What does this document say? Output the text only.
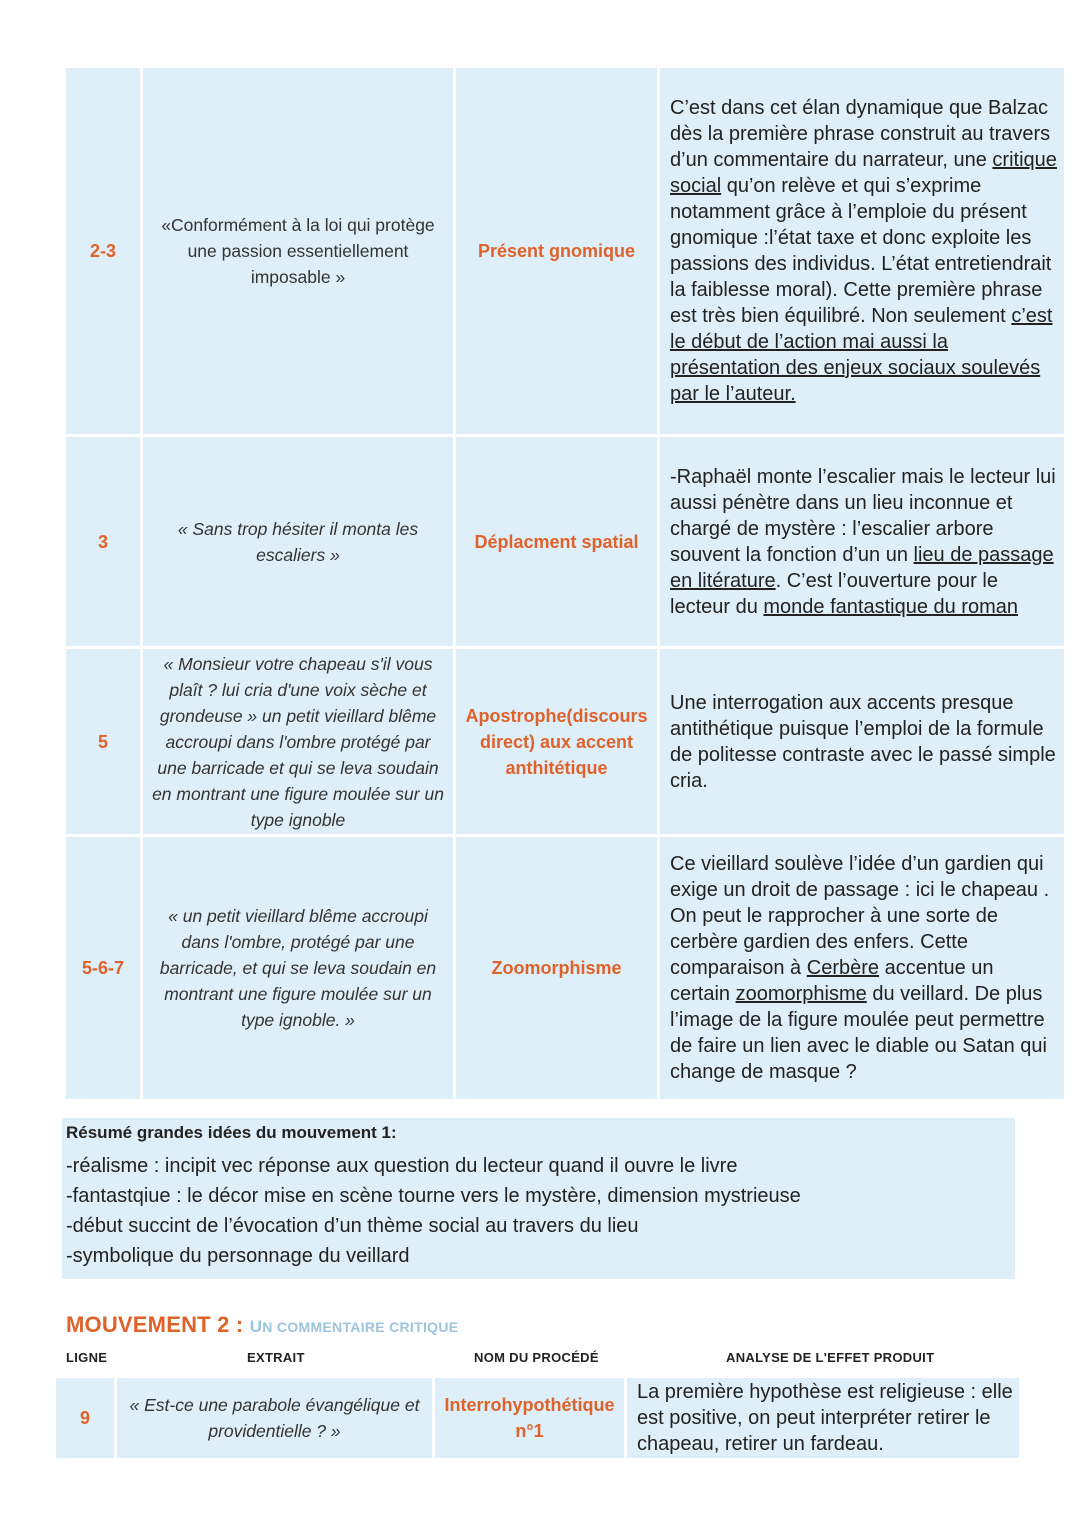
2-3	«Conformément à la loi qui protège une passion essentiellement imposable »	Présent gnomique	C’est dans cet élan dynamique que Balzac dès la première phrase construit au travers d’un commentaire du narrateur, une critique social qu’on relève et qui s’exprime notamment grâce à l’emploie du présent gnomique :l’état taxe et donc exploite les passions des individus. L’état entretiendrait la faiblesse moral). Cette première phrase est très bien équilibré. Non seulement c’est le début de l’action mai aussi la présentation des enjeux sociaux soulevés par le l’auteur.
3	« Sans trop hésiter il monta les escaliers »	Déplacment spatial	-Raphaël monte l’escalier mais le lecteur lui aussi pénètre dans un lieu inconnue et chargé de mystère : l’escalier arbore souvent la fonction d’un un lieu de passage en litérature. C’est l’ouverture pour le lecteur du monde fantastique du roman
5	« Monsieur votre chapeau s'il vous plaît ? lui cria d'une voix sèche et grondeuse » un petit vieillard blême accroupi dans l'ombre protégé par une barricade et qui se leva soudain en montrant une figure moulée sur un type ignoble	Apostrophe(discours direct) aux accent anthitétique	Une interrogation aux accents presque antithétique puisque l’emploi de la formule de politesse contraste avec le passé simple cria.
5-6-7	« un petit vieillard blême accroupi dans l'ombre, protégé par une barricade, et qui se leva soudain en montrant une figure moulée sur un type ignoble. »	Zoomorphisme	Ce vieillard soulève l’idée d’un gardien qui exige un droit de passage : ici le chapeau . On peut le rapprocher à une sorte de cerbère gardien des enfers. Cette comparaison à Cerbère accentue un certain zoomorphisme du veillard. De plus l’image de la figure moulée peut permettre de faire un lien avec le diable ou Satan qui change de masque ?
Résumé grandes idées du mouvement 1:
-réalisme : incipit vec réponse aux question du lecteur quand il ouvre le livre
-fantastqiue : le décor mise en scène tourne vers le mystère, dimension mystrieuse
-début succint de l’évocation d’un thème social au travers du lieu
-symbolique du personnage du veillard
MOUVEMENT 2 : UN COMMENTAIRE CRITIQUE
LIGNE	EXTRAIT	NOM DU PROCÉDÉ	ANALYSE DE L'EFFET PRODUIT
9	« Est-ce une parabole évangélique et providentielle ? »	Interrohypothétique n°1	La première hypothèse est religieuse : elle est positive, on peut interpréter retirer le chapeau, retirer un fardeau.
